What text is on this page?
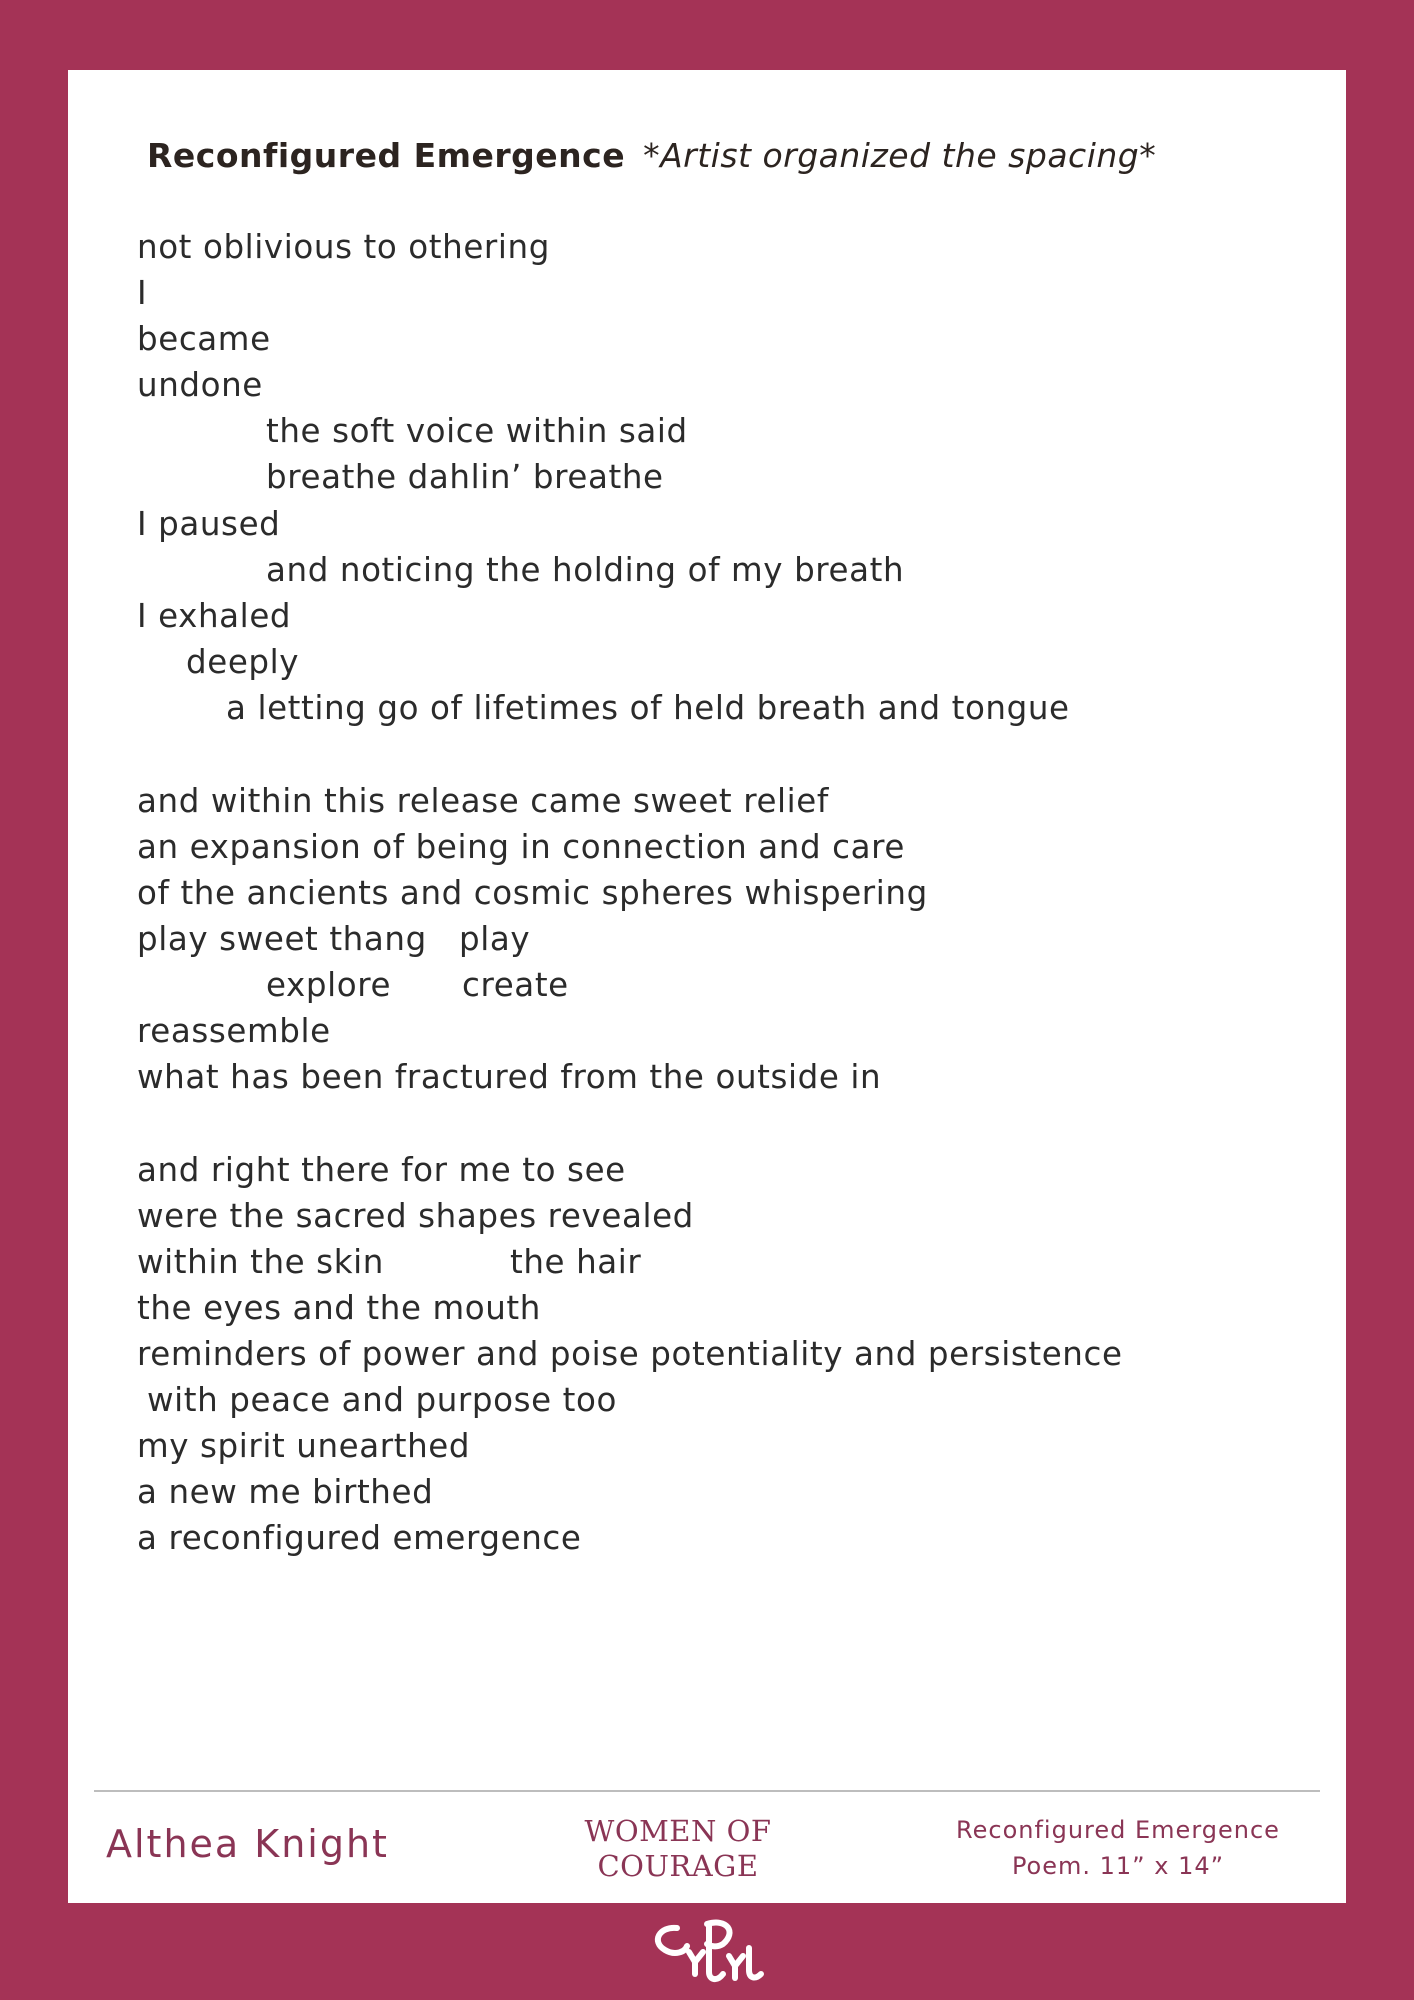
Reconfigured Emergence *Artist organized the spacing*
not oblivious to othering
I
became
undone
the soft voice within said
breathe dahlin’ breathe
I paused
and noticing the holding of my breath
I exhaled
deeply
a letting go of lifetimes of held breath and tongue
and within this release came sweet relief
an expansion of being in connection and care
of the ancients and cosmic spheres whispering
play sweet thang play
explore create
reassemble
what has been fractured from the outside in
and right there for me to see
were the sacred shapes revealed
within the skin	the hair
the eyes and the mouth
reminders of power and poise potentiality and persistence
with peace and purpose too
my spirit unearthed
a new me birthed
a reconfigured emergence
Althea Knight	WOMEN OF
COURAGE
Reconfigured Emergence
Poem. 11” x 14”
